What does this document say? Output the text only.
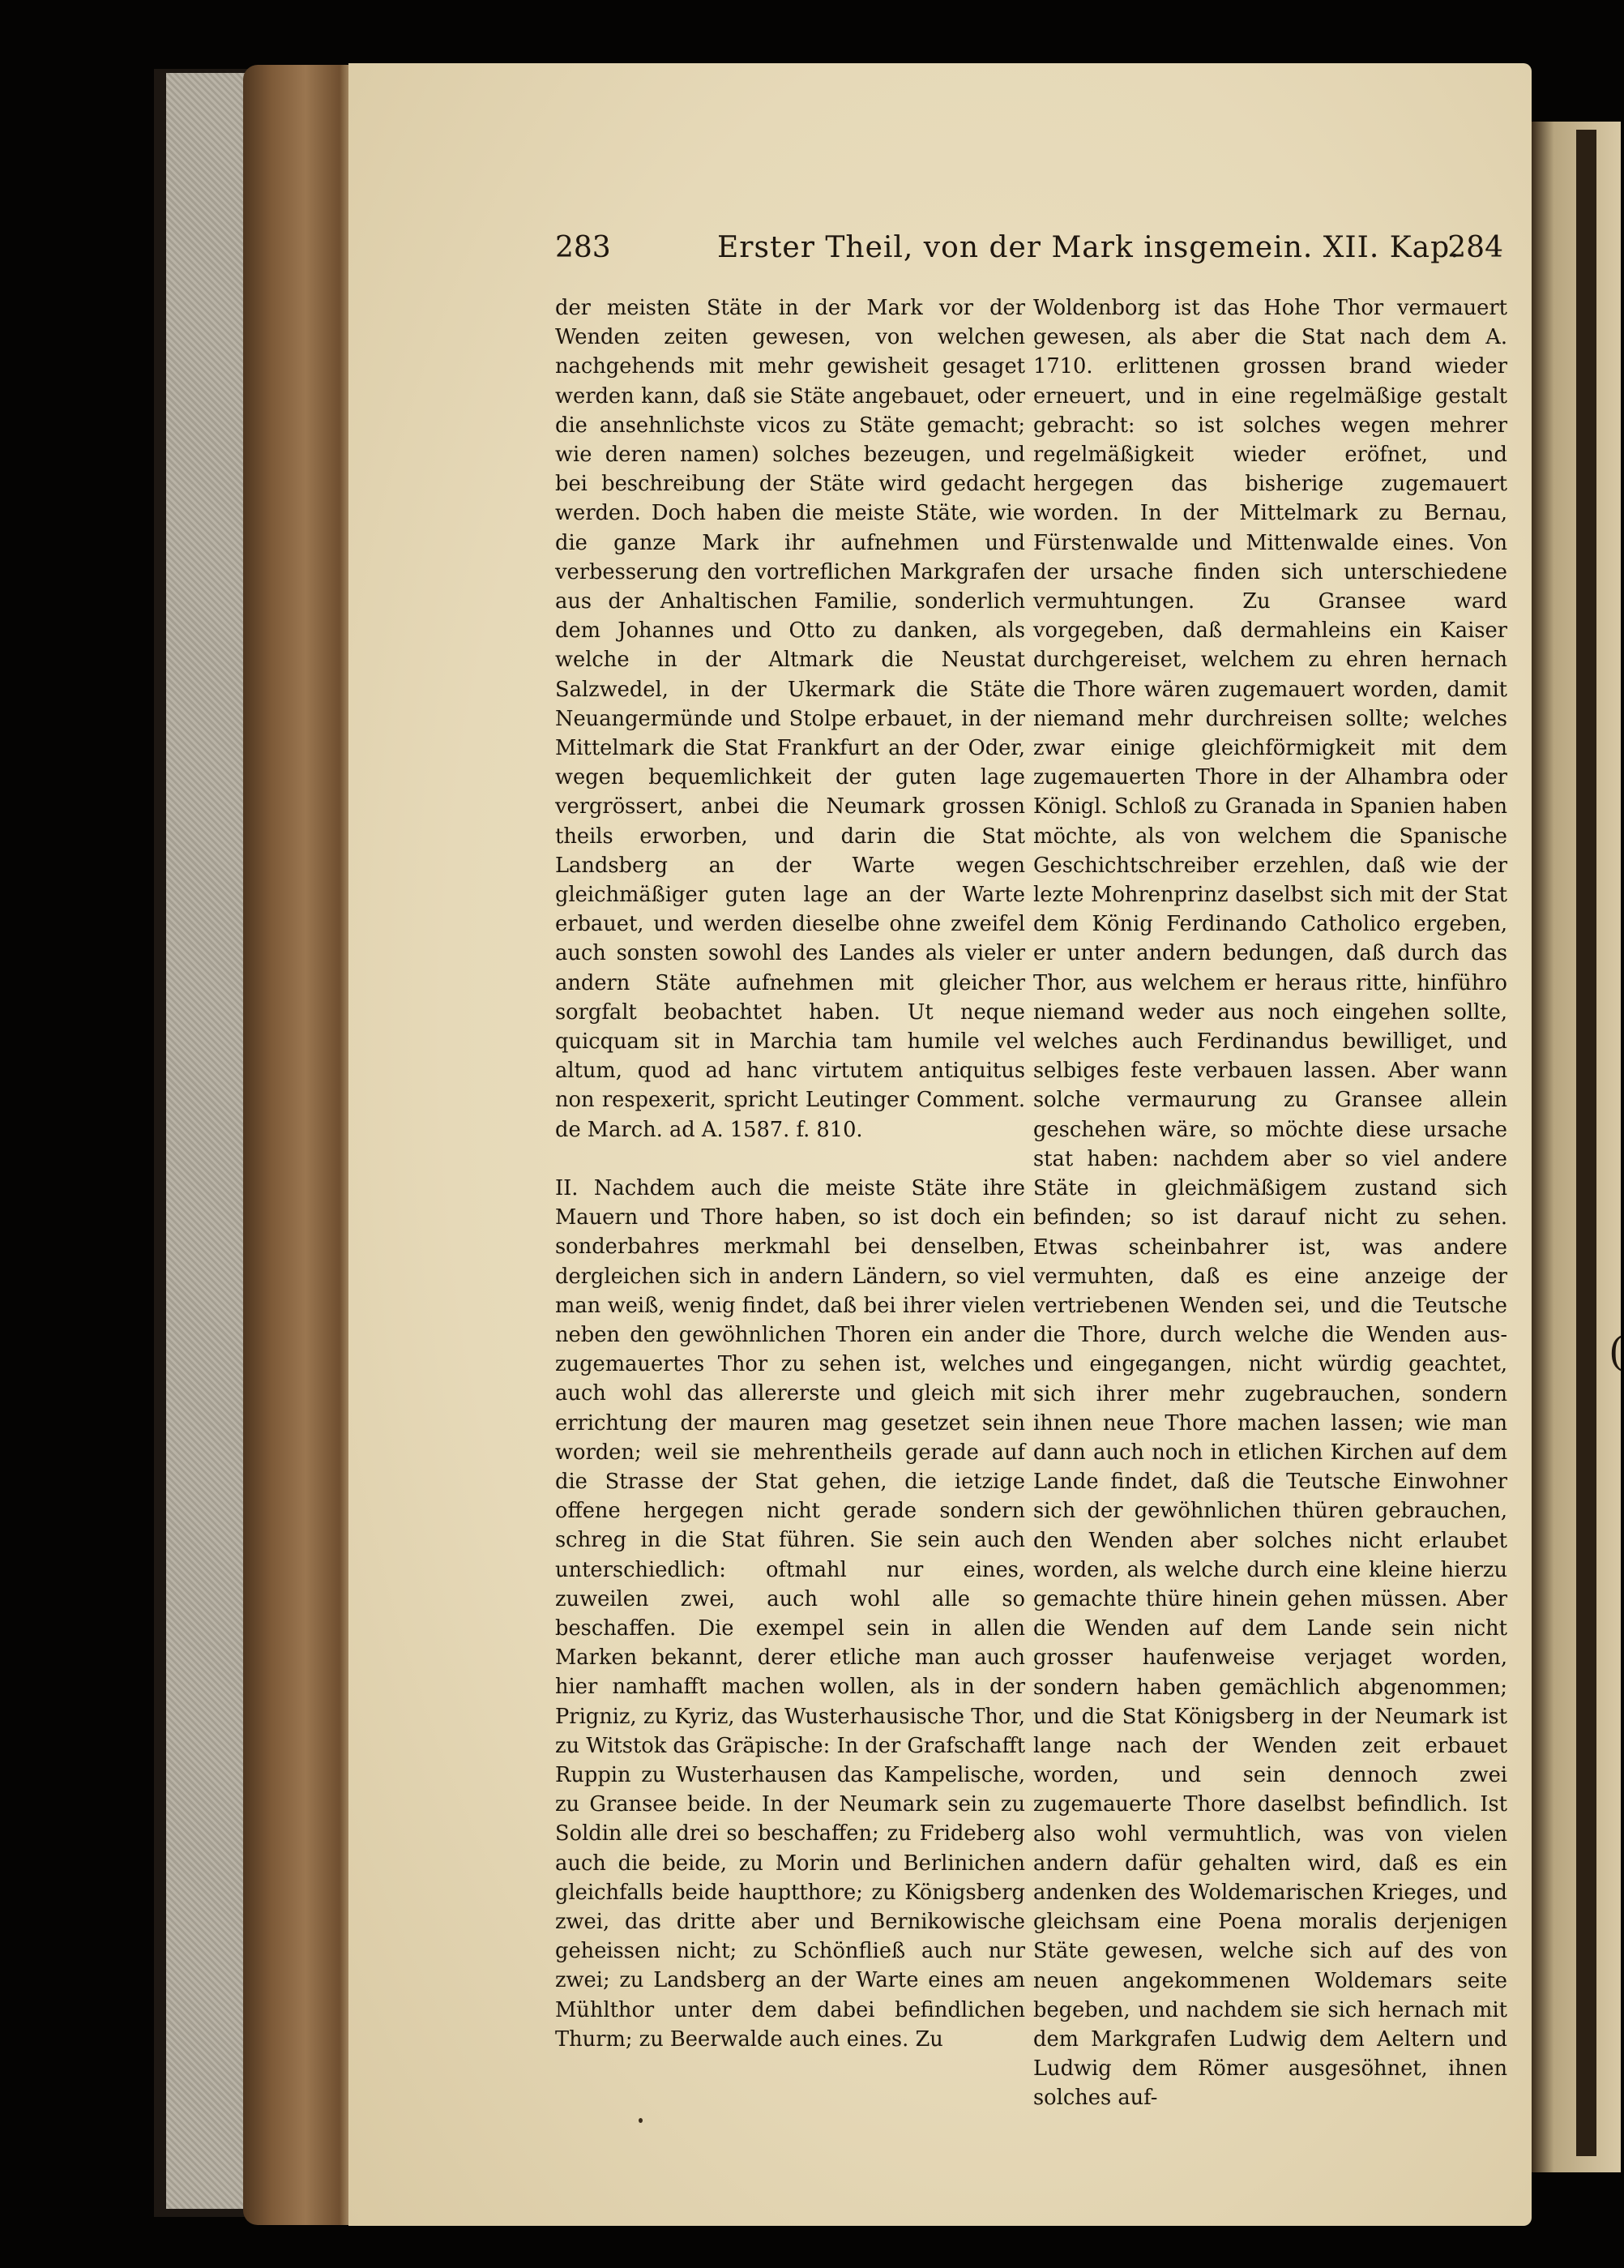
(
283	Erster Theil, von der Mark insgemein. XII. Kap.
284

der meisten Stäte in der Mark vor der Wenden zeiten gewesen, von welchen nachgehends mit mehr gewisheit gesaget werden kann, daß sie Stäte angebauet, oder die ansehnlichste vicos zu Stäte gemacht; wie deren namen) solches bezeugen, und bei beschreibung der Stäte wird gedacht werden. Doch haben die meiste Stäte, wie die ganze Mark ihr aufnehmen und verbesserung den vortreflichen Markgrafen aus der Anhaltischen Familie, sonderlich dem Johannes und Otto zu danken, als welche in der Altmark die Neustat Salzwedel, in der Ukermark die Stäte Neuangermünde und Stolpe erbauet, in der Mittelmark die Stat Frankfurt an der Oder, wegen bequemlichkeit der guten lage vergrössert, anbei die Neumark grossen theils erworben, und darin die Stat Landsberg an der Warte wegen gleichmäßiger guten lage an der Warte erbauet, und werden dieselbe ohne zweifel auch sonsten sowohl des Landes als vieler andern Stäte aufnehmen mit gleicher sorgfalt beobachtet haben. Ut neque quicquam sit in Marchia tam humile vel altum, quod ad hanc virtutem antiquitus non respexerit, spricht Leutinger Comment. de March. ad A. 1587. f. 810.

II. Nachdem auch die meiste Stäte ihre Mauern und Thore haben, so ist doch ein sonderbahres merkmahl bei denselben, dergleichen sich in andern Ländern, so viel man weiß, wenig findet, daß bei ihrer vielen neben den gewöhnlichen Thoren ein ander zugemauertes Thor zu sehen ist, welches auch wohl das allererste und gleich mit errichtung der mauren mag gesetzet sein worden; weil sie mehrentheils gerade auf die Strasse der Stat gehen, die ietzige offene hergegen nicht gerade sondern schreg in die Stat führen. Sie sein auch unterschiedlich: oftmahl nur eines, zuweilen zwei, auch wohl alle so beschaffen. Die exempel sein in allen Marken bekannt, derer etliche man auch hier namhafft machen wollen, als in der Prigniz, zu Kyriz, das Wusterhausische Thor, zu Witstok das Gräpische: In der Grafschafft Ruppin zu Wusterhausen das Kampelische, zu Gransee beide. In der Neumark sein zu Soldin alle drei so beschaffen; zu Frideberg auch die beide, zu Morin und Berlinichen gleichfalls beide hauptthore; zu Königsberg zwei, das dritte aber und Bernikowische geheissen nicht; zu Schönfließ auch nur zwei; zu Landsberg an der Warte eines am Mühlthor unter dem dabei befindlichen Thurm; zu Beerwalde auch eines. Zu

Woldenborg ist das Hohe Thor vermauert gewesen, als aber die Stat nach dem A. 1710. erlittenen grossen brand wieder erneuert, und in eine regelmäßige gestalt gebracht: so ist solches wegen mehrer regelmäßigkeit wieder eröfnet, und hergegen das bisherige zugemauert worden. In der Mittelmark zu Bernau, Fürstenwalde und Mittenwalde eines. Von der ursache finden sich unterschiedene vermuhtungen. Zu Gransee ward vorgegeben, daß dermahleins ein Kaiser durchgereiset, welchem zu ehren hernach die Thore wären zugemauert worden, damit niemand mehr durchreisen sollte; welches zwar einige gleichförmigkeit mit dem zugemauerten Thore in der Alhambra oder Königl. Schloß zu Granada in Spanien haben möchte, als von welchem die Spanische Geschichtschreiber erzehlen, daß wie der lezte Mohrenprinz daselbst sich mit der Stat dem König Ferdinando Catholico ergeben, er unter andern bedungen, daß durch das Thor, aus welchem er heraus ritte, hinführo niemand weder aus noch eingehen sollte, welches auch Ferdinandus bewilliget, und selbiges feste verbauen lassen. Aber wann solche vermaurung zu Gransee allein geschehen wäre, so möchte diese ursache stat haben: nachdem aber so viel andere Stäte in gleichmäßigem zustand sich befinden; so ist darauf nicht zu sehen. Etwas scheinbahrer ist, was andere vermuhten, daß es eine anzeige der vertriebenen Wenden sei, und die Teutsche die Thore, durch welche die Wenden aus- und eingegangen, nicht würdig geachtet, sich ihrer mehr zugebrauchen, sondern ihnen neue Thore machen lassen; wie man dann auch noch in etlichen Kirchen auf dem Lande findet, daß die Teutsche Einwohner sich der gewöhnlichen thüren gebrauchen, den Wenden aber solches nicht erlaubet worden, als welche durch eine kleine hierzu gemachte thüre hinein gehen müssen. Aber die Wenden auf dem Lande sein nicht grosser haufenweise verjaget worden, sondern haben gemächlich abgenommen; und die Stat Königsberg in der Neumark ist lange nach der Wenden zeit erbauet worden, und sein dennoch zwei zugemauerte Thore daselbst befindlich. Ist also wohl vermuhtlich, was von vielen andern dafür gehalten wird, daß es ein andenken des Woldemarischen Krieges, und gleichsam eine Poena moralis derjenigen Stäte gewesen, welche sich auf des von neuen angekommenen Woldemars seite begeben, und nachdem sie sich hernach mit dem Markgrafen Ludwig dem Aeltern und Ludwig dem Römer ausgesöhnet, ihnen solches auf-
